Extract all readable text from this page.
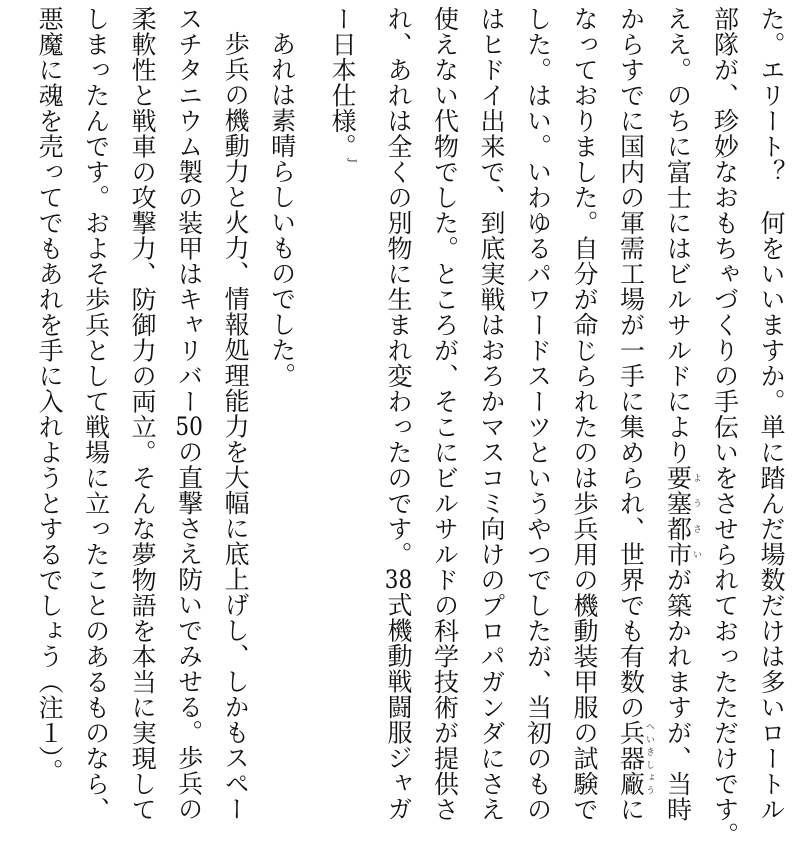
た。エリート？　何をいいますか。単に踏んだ場数だけは多いロートル
部隊が、珍妙なおもちゃづくりの手伝いをさせられておったただけです。
ええ。のちに富士にはビルサルドにより要塞都市ようさいが築かれますが、当時
からすでに国内の軍需工場が一手に集められ、世界でも有数の兵器廠へいきしょうに
なっておりました。自分が命じられたのは歩兵用の機動装甲服の試験で
した。はい。いわゆるパワードスーツというやつでしたが、当初のもの
はヒドイ出来で、到底実戦はおろかマスコミ向けのプロパガンダにさえ
使えない代物でした。ところが、そこにビルサルドの科学技術が提供さ
れ、あれは全くの別物に生まれ変わったのです。38式機動戦闘服ジャガ
ー日本仕様。$^J$
あれは素晴らしいものでした。
歩兵の機動力と火力、情報処理能力を大幅に底上げし、しかもスペー
スチタニウム製の装甲はキャリバー50の直撃さえ防いでみせる。歩兵の
柔軟性と戦車の攻撃力、防御力の両立。そんな夢物語を本当に実現して
しまったんです。およそ歩兵として戦場に立ったことのあるものなら、
悪魔に魂を売ってでもあれを手に入れようとするでしょう（注１）。
